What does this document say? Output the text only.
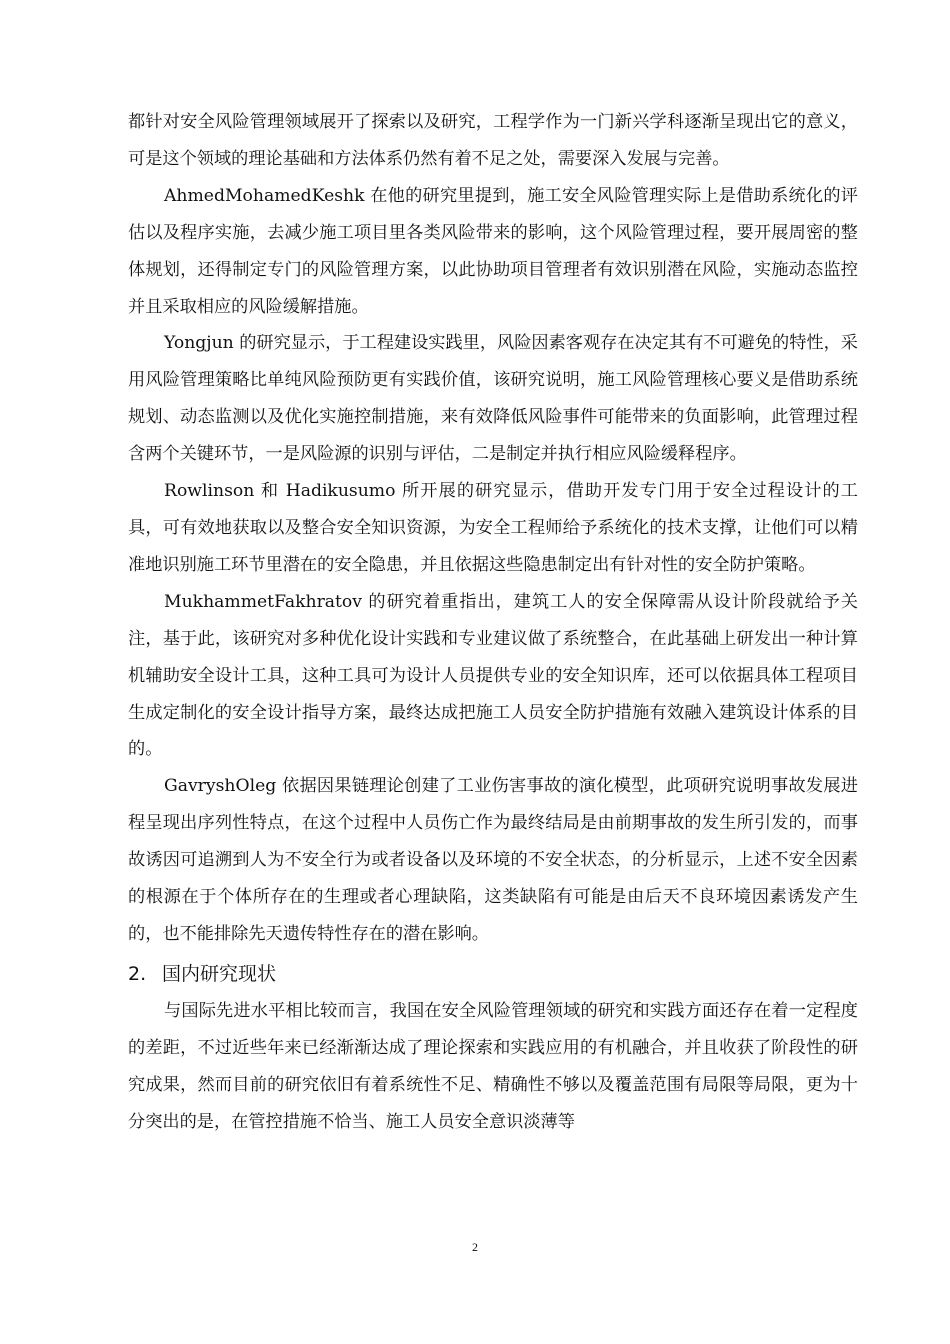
都针对安全风险管理领域展开了探索以及研究，工程学作为一门新兴学科逐渐呈现出它的意义，可是这个领域的理论基础和方法体系仍然有着不足之处，需要深入发展与完善。

AhmedMohamedKeshk 在他的研究里提到，施工安全风险管理实际上是借助系统化的评估以及程序实施，去减少施工项目里各类风险带来的影响，这个风险管理过程，要开展周密的整体规划，还得制定专门的风险管理方案，以此协助项目管理者有效识别潜在风险，实施动态监控并且采取相应的风险缓解措施。

Yongjun 的研究显示，于工程建设实践里，风险因素客观存在决定其有不可避免的特性，采用风险管理策略比单纯风险预防更有实践价值，该研究说明，施工风险管理核心要义是借助系统规划、动态监测以及优化实施控制措施，来有效降低风险事件可能带来的负面影响，此管理过程含两个关键环节，一是风险源的识别与评估，二是制定并执行相应风险缓释程序。

Rowlinson 和 Hadikusumo 所开展的研究显示，借助开发专门用于安全过程设计的工具，可有效地获取以及整合安全知识资源，为安全工程师给予系统化的技术支撑，让他们可以精准地识别施工环节里潜在的安全隐患，并且依据这些隐患制定出有针对性的安全防护策略。

MukhammetFakhratov 的研究着重指出，建筑工人的安全保障需从设计阶段就给予关注，基于此，该研究对多种优化设计实践和专业建议做了系统整合，在此基础上研发出一种计算机辅助安全设计工具，这种工具可为设计人员提供专业的安全知识库，还可以依据具体工程项目生成定制化的安全设计指导方案，最终达成把施工人员安全防护措施有效融入建筑设计体系的目的。

GavryshOleg 依据因果链理论创建了工业伤害事故的演化模型，此项研究说明事故发展进程呈现出序列性特点，在这个过程中人员伤亡作为最终结局是由前期事故的发生所引发的，而事故诱因可追溯到人为不安全行为或者设备以及环境的不安全状态，的分析显示，上述不安全因素的根源在于个体所存在的生理或者心理缺陷，这类缺陷有可能是由后天不良环境因素诱发产生的，也不能排除先天遗传特性存在的潜在影响。

2. 国内研究现状

与国际先进水平相比较而言，我国在安全风险管理领域的研究和实践方面还存在着一定程度的差距，不过近些年来已经渐渐达成了理论探索和实践应用的有机融合，并且收获了阶段性的研究成果，然而目前的研究依旧有着系统性不足、精确性不够以及覆盖范围有局限等局限，更为十分突出的是，在管控措施不恰当、施工人员安全意识淡薄等

2
